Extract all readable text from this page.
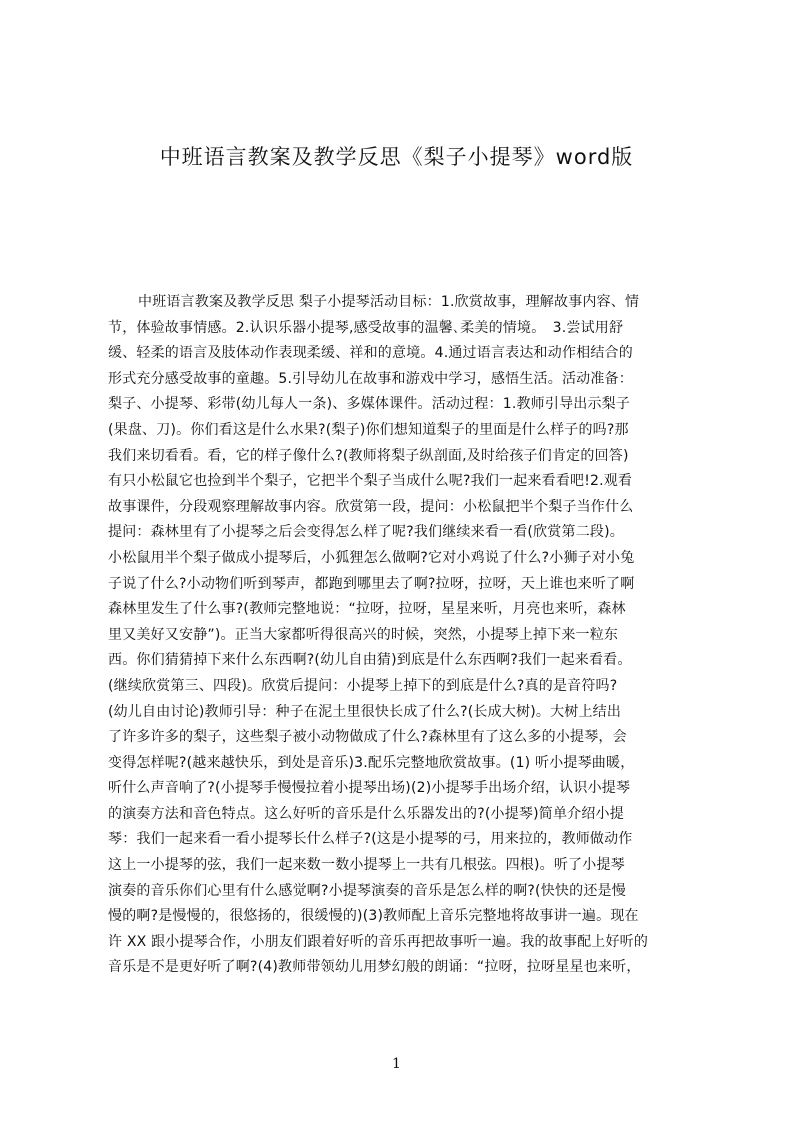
中班语言教案及教学反思《梨子小提琴》word版
中班语言教案及教学反思 梨子小提琴活动目标：1.欣赏故事，理解故事内容、情
节，体验故事情感。2.认识乐器小提琴,感受故事的温馨､柔美的情境。　3.尝试用舒
缓、轻柔的语言及肢体动作表现柔缓、祥和的意境。4.通过语言表达和动作相结合的
形式充分感受故事的童趣。5.引导幼儿在故事和游戏中学习，感悟生活。活动准备：
梨子、小提琴、彩带(幼儿每人一条)、多媒体课件。活动过程：1.教师引导出示梨子
(果盘、刀)。你们看这是什么水果?(梨子)你们想知道梨子的里面是什么样子的吗?那
我们来切看看。看，它的样子像什么?(教师将梨子纵剖面,及时给孩子们肯定的回答)
有只小松鼠它也捡到半个梨子，它把半个梨子当成什么呢?我们一起来看看吧!2.观看
故事课件，分段观察理解故事内容。欣赏第一段，提问：小松鼠把半个梨子当作什么
提问：森林里有了小提琴之后会变得怎么样了呢?我们继续来看一看(欣赏第二段)。
小松鼠用半个梨子做成小提琴后，小狐狸怎么做啊?它对小鸡说了什么?小狮子对小兔
子说了什么?小动物们听到琴声，都跑到哪里去了啊?拉呀，拉呀，天上谁也来听了啊
森林里发生了什么事?(教师完整地说：“拉呀，拉呀，星星来听，月亮也来听，森林
里又美好又安静”)。正当大家都听得很高兴的时候，突然，小提琴上掉下来一粒东
西。你们猜猜掉下来什么东西啊?(幼儿自由猜)到底是什么东西啊?我们一起来看看。
(继续欣赏第三、四段)。欣赏后提问：小提琴上掉下的到底是什么?真的是音符吗?
(幼儿自由讨论)教师引导：种子在泥土里很快长成了什么?(长成大树)。大树上结出
了许多许多的梨子，这些梨子被小动物做成了什么?森林里有了这么多的小提琴，会
变得怎样呢?(越来越快乐，到处是音乐)3.配乐完整地欣赏故事。(1) 听小提琴曲暖，
听什么声音响了?(小提琴手慢慢拉着小提琴出场)(2)小提琴手出场介绍，认识小提琴
的演奏方法和音色特点。这么好听的音乐是什么乐器发出的?(小提琴)简单介绍小提
琴：我们一起来看一看小提琴长什么样子?(这是小提琴的弓，用来拉的，教师做动作
这上一小提琴的弦，我们一起来数一数小提琴上一共有几根弦。四根)。听了小提琴
演奏的音乐你们心里有什么感觉啊?小提琴演奏的音乐是怎么样的啊?(快快的还是慢
慢的啊?是慢慢的，很悠扬的，很缓慢的)(3)教师配上音乐完整地将故事讲一遍。现在
许 XX 跟小提琴合作，小朋友们跟着好听的音乐再把故事听一遍。我的故事配上好听的
音乐是不是更好听了啊?(4)教师带领幼儿用梦幻般的朗诵：“拉呀，拉呀星星也来听，
1
